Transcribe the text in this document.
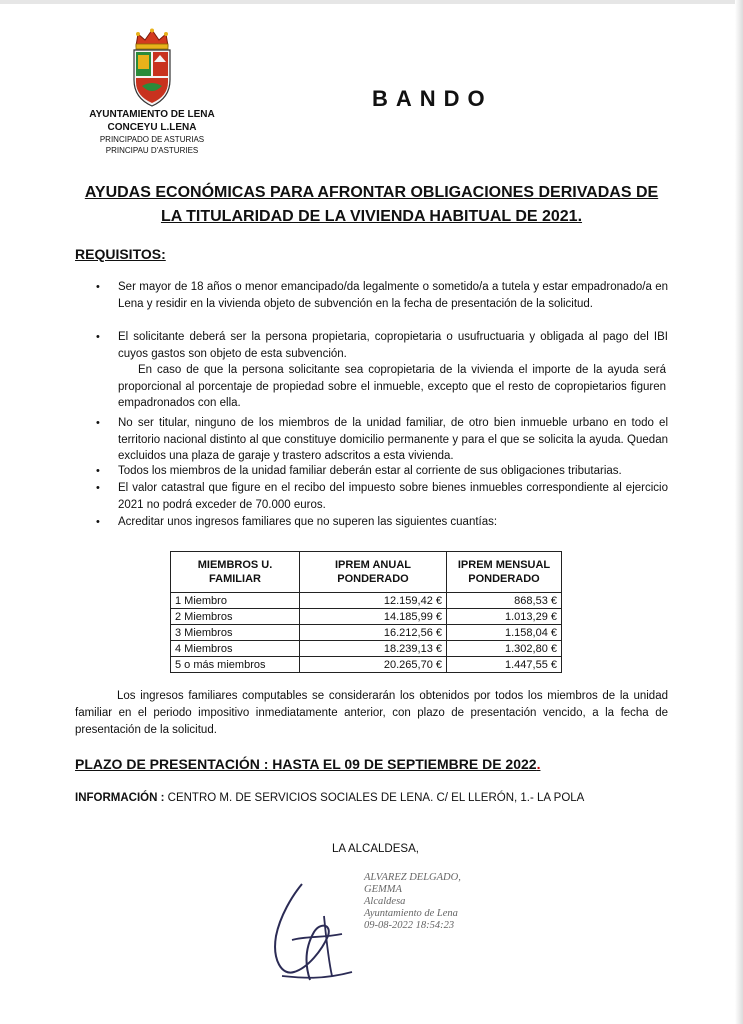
AYUNTAMIENTO DE LENA
CONCEYU L.LENA
PRINCIPADO DE ASTURIAS
PRINCIPAU D'ASTURIES
BANDO
AYUDAS ECONÓMICAS PARA AFRONTAR OBLIGACIONES DERIVADAS DE
LA TITULARIDAD DE LA VIVIENDA HABITUAL DE 2021.
REQUISITOS:
• Ser mayor de 18 años o menor emancipado/da legalmente o sometido/a a tutela y estar empadronado/a en Lena y residir en la vivienda objeto de subvención en la fecha de presentación de la solicitud.
• El solicitante deberá ser la persona propietaria, copropietaria o usufructuaria y obligada al pago del IBI cuyos gastos son objeto de esta subvención.
En caso de que la persona solicitante sea copropietaria de la vivienda el importe de la ayuda será proporcional al porcentaje de propiedad sobre el inmueble, excepto que el resto de copropietarios figuren empadronados con ella.
• No ser titular, ninguno de los miembros de la unidad familiar, de otro bien inmueble urbano en todo el territorio nacional distinto al que constituye domicilio permanente y para el que se solicita la ayuda. Quedan excluidos una plaza de garaje y trastero adscritos a esta vivienda.
• Todos los miembros de la unidad familiar deberán estar al corriente de sus obligaciones tributarias.
• El valor catastral que figure en el recibo del impuesto sobre bienes inmuebles correspondiente al ejercicio 2021 no podrá exceder de 70.000 euros.
• Acreditar unos ingresos familiares que no superen las siguientes cuantías:
MIEMBROS U. FAMILIAR	IPREM ANUAL PONDERADO	IPREM MENSUAL PONDERADO
1 Miembro	12.159,42 €	868,53 €
2 Miembros	14.185,99 €	1.013,29 €
3 Miembros	16.212,56 €	1.158,04 €
4 Miembros	18.239,13 €	1.302,80 €
5 o más miembros	20.265,70 €	1.447,55 €
Los ingresos familiares computables se considerarán los obtenidos por todos los miembros de la unidad familiar en el periodo impositivo inmediatamente anterior, con plazo de presentación vencido, a la fecha de presentación de la solicitud.
PLAZO DE PRESENTACIÓN : HASTA EL 09 DE SEPTIEMBRE DE 2022.
INFORMACIÓN : CENTRO M. DE SERVICIOS SOCIALES DE LENA. C/ EL LLERÓN, 1.- LA POLA
LA ALCALDESA,
ALVAREZ DELGADO,
GEMMA
Alcaldesa
Ayuntamiento de Lena
09-08-2022 18:54:23
